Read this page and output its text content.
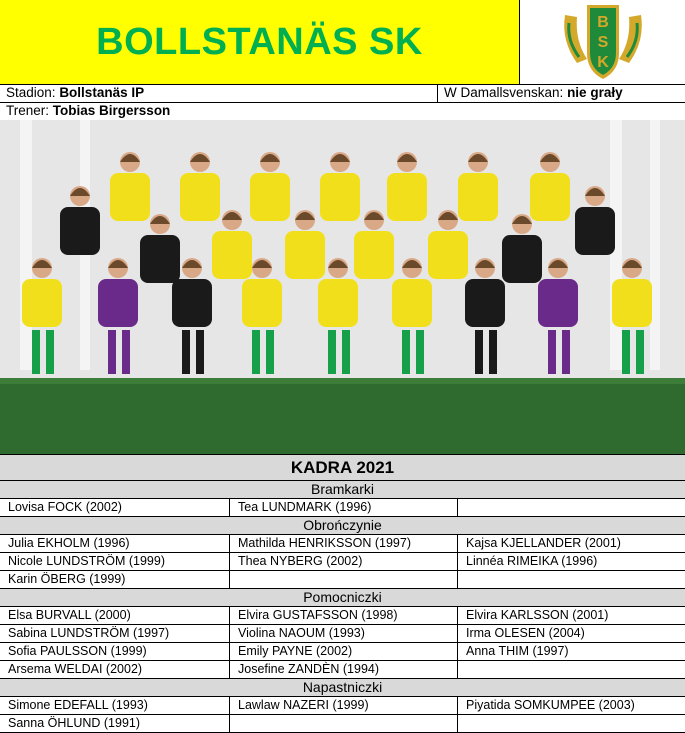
BOLLSTANÄS SK	B
S
K
Stadion: Bollstanäs IP	W Damallsvenskan: nie grały
Trener: Tobias Birgersson
KADRA 2021
Bramkarki
Lovisa FOCK (2002)	Tea LUNDMARK (1996)
Obrończynie
Julia EKHOLM (1996)	Mathilda HENRIKSSON (1997)	Kajsa KJELLANDER (2001)
Nicole LUNDSTRÖM (1999)	Thea NYBERG (2002)	Linnéa RIMEIKA (1996)
Karin ÖBERG (1999)
Pomocniczki
Elsa BURVALL (2000)	Elvira GUSTAFSSON (1998)	Elvira KARLSSON (2001)
Sabina LUNDSTRÖM (1997)	Violina NAOUM (1993)	Irma OLESEN (2004)
Sofia PAULSSON (1999)	Emily PAYNE (2002)	Anna THIM (1997)
Arsema WELDAI (2002)	Josefine ZANDÈN (1994)
Napastniczki
Simone EDEFALL (1993)	Lawlaw NAZERI (1999)	Piyatida SOMKUMPEE (2003)
Sanna ÖHLUND (1991)
